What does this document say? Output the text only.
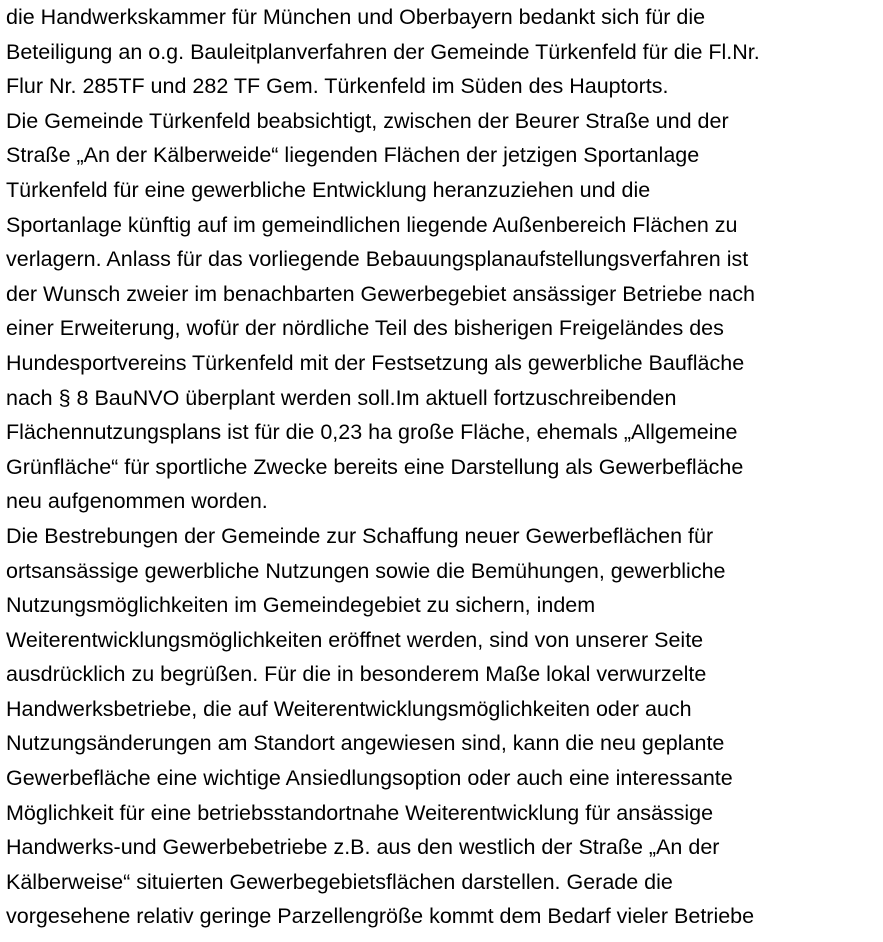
die Handwerkskammer für München und Oberbayern bedankt sich für die
Beteiligung an o.g. Bauleitplanverfahren der Gemeinde Türkenfeld für die Fl.Nr.
Flur Nr. 285TF und 282 TF Gem. Türkenfeld im Süden des Hauptorts.
Die Gemeinde Türkenfeld beabsichtigt, zwischen der Beurer Straße und der
Straße „An der Kälberweide“ liegenden Flächen der jetzigen Sportanlage
Türkenfeld für eine gewerbliche Entwicklung heranzuziehen und die
Sportanlage künftig auf im gemeindlichen liegende Außenbereich Flächen zu
verlagern. Anlass für das vorliegende Bebauungsplanaufstellungsverfahren ist
der Wunsch zweier im benachbarten Gewerbegebiet ansässiger Betriebe nach
einer Erweiterung, wofür der nördliche Teil des bisherigen Freigeländes des
Hundesportvereins Türkenfeld mit der Festsetzung als gewerbliche Baufläche
nach § 8 BauNVO überplant werden soll.Im aktuell fortzuschreibenden
Flächennutzungsplans ist für die 0,23 ha große Fläche, ehemals „Allgemeine
Grünfläche“ für sportliche Zwecke bereits eine Darstellung als Gewerbefläche
neu aufgenommen worden.
Die Bestrebungen der Gemeinde zur Schaffung neuer Gewerbeflächen für
ortsansässige gewerbliche Nutzungen sowie die Bemühungen, gewerbliche
Nutzungsmöglichkeiten im Gemeindegebiet zu sichern, indem
Weiterentwicklungsmöglichkeiten eröffnet werden, sind von unserer Seite
ausdrücklich zu begrüßen. Für die in besonderem Maße lokal verwurzelte
Handwerksbetriebe, die auf Weiterentwicklungsmöglichkeiten oder auch
Nutzungsänderungen am Standort angewiesen sind, kann die neu geplante
Gewerbefläche eine wichtige Ansiedlungsoption oder auch eine interessante
Möglichkeit für eine betriebsstandortnahe Weiterentwicklung für ansässige
Handwerks-und Gewerbebetriebe z.B. aus den westlich der Straße „An der
Kälberweise“ situierten Gewerbegebietsflächen darstellen. Gerade die
vorgesehene relativ geringe Parzellengröße kommt dem Bedarf vieler Betriebe
